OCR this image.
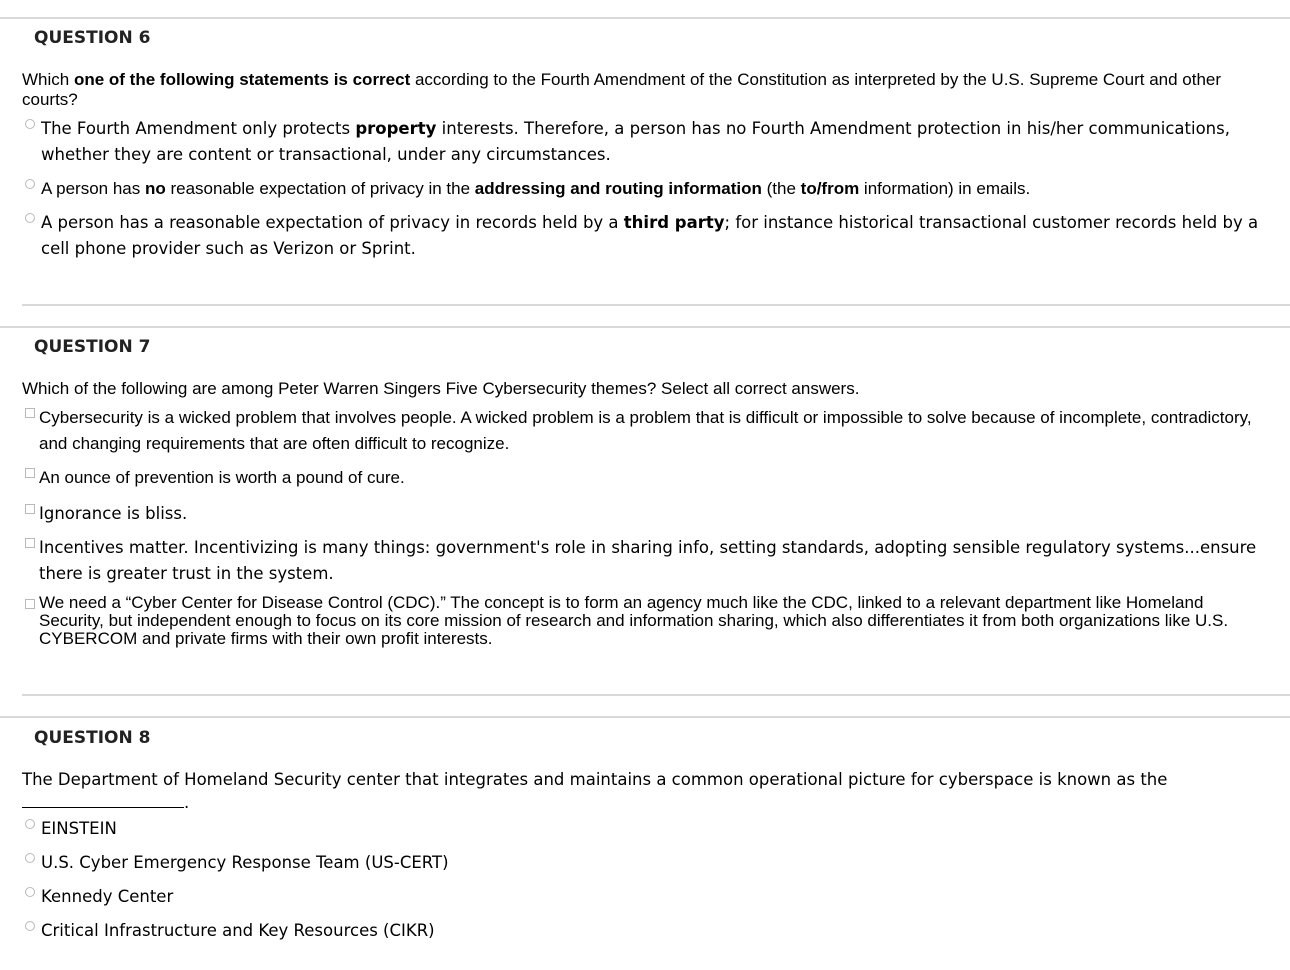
QUESTION 6
Which one of the following statements is correct according to the Fourth Amendment of the Constitution as interpreted by the U.S. Supreme Court and other courts?
The Fourth Amendment only protects property interests. Therefore, a person has no Fourth Amendment protection in his/her communications, whether they are content or transactional, under any circumstances.
A person has no reasonable expectation of privacy in the addressing and routing information (the to/from information) in emails.
A person has a reasonable expectation of privacy in records held by a third party; for instance historical transactional customer records held by a cell phone provider such as Verizon or Sprint.
QUESTION 7
Which of the following are among Peter Warren Singers Five Cybersecurity themes? Select all correct answers.
Cybersecurity is a wicked problem that involves people. A wicked problem is a problem that is difficult or impossible to solve because of incomplete, contradictory, and changing requirements that are often difficult to recognize.
An ounce of prevention is worth a pound of cure.
Ignorance is bliss.
Incentives matter. Incentivizing is many things: government's role in sharing info, setting standards, adopting sensible regulatory systems...ensure there is greater trust in the system.
We need a “Cyber Center for Disease Control (CDC).” The concept is to form an agency much like the CDC, linked to a relevant department like Homeland Security, but independent enough to focus on its core mission of research and information sharing, which also differentiates it from both organizations like U.S. CYBERCOM and private firms with their own profit interests.
QUESTION 8
The Department of Homeland Security center that integrates and maintains a common operational picture for cyberspace is known as the
.
EINSTEIN
U.S. Cyber Emergency Response Team (US-CERT)
Kennedy Center
Critical Infrastructure and Key Resources (CIKR)
